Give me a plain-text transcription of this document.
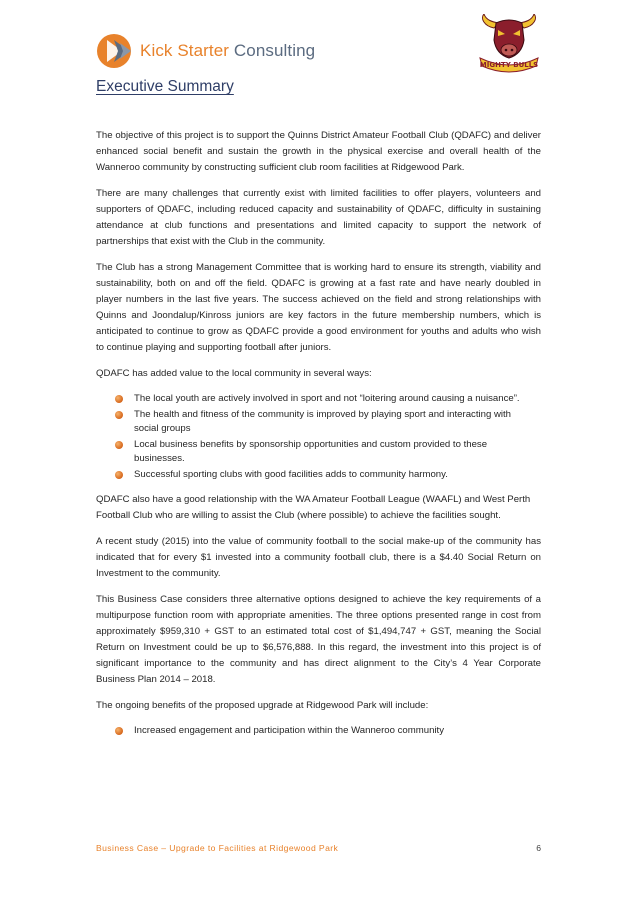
Kick Starter Consulting
MIGHTY BULLS
Executive Summary

The objective of this project is to support the Quinns District Amateur Football Club (QDAFC) and deliver enhanced social benefit and sustain the growth in the physical exercise and overall health of the Wanneroo community by constructing sufficient club room facilities at Ridgewood Park.

There are many challenges that currently exist with limited facilities to offer players, volunteers and supporters of QDAFC, including reduced capacity and sustainability of QDAFC, difficulty in sustaining attendance at club functions and presentations and limited capacity to support the network of partnerships that exist with the Club in the community.

The Club has a strong Management Committee that is working hard to ensure its strength, viability and sustainability, both on and off the field. QDAFC is growing at a fast rate and have nearly doubled in player numbers in the last five years. The success achieved on the field and strong relationships with Quinns and Joondalup/Kinross juniors are key factors in the future membership numbers, which is anticipated to continue to grow as QDAFC provide a good environment for youths and adults who wish to continue playing and supporting football after juniors.

QDAFC has added value to the local community in several ways:

The local youth are actively involved in sport and not “loitering around causing a nuisance”.
The health and fitness of the community is improved by playing sport and interacting with social groups
Local business benefits by sponsorship opportunities and custom provided to these businesses.
Successful sporting clubs with good facilities adds to community harmony.

QDAFC also have a good relationship with the WA Amateur Football League (WAAFL) and West Perth Football Club who are willing to assist the Club (where possible) to achieve the facilities sought.

A recent study (2015) into the value of community football to the social make-up of the community has indicated that for every $1 invested into a community football club, there is a $4.40 Social Return on Investment to the community.

This Business Case considers three alternative options designed to achieve the key requirements of a multipurpose function room with appropriate amenities. The three options presented range in cost from approximately $959,310 + GST to an estimated total cost of $1,494,747 + GST, meaning the Social Return on Investment could be up to $6,576,888. In this regard, the investment into this project is of significant importance to the community and has direct alignment to the City’s 4 Year Corporate Business Plan 2014 – 2018.

The ongoing benefits of the proposed upgrade at Ridgewood Park will include:

Increased engagement and participation within the Wanneroo community
Business Case – Upgrade to Facilities at Ridgewood Park	6
